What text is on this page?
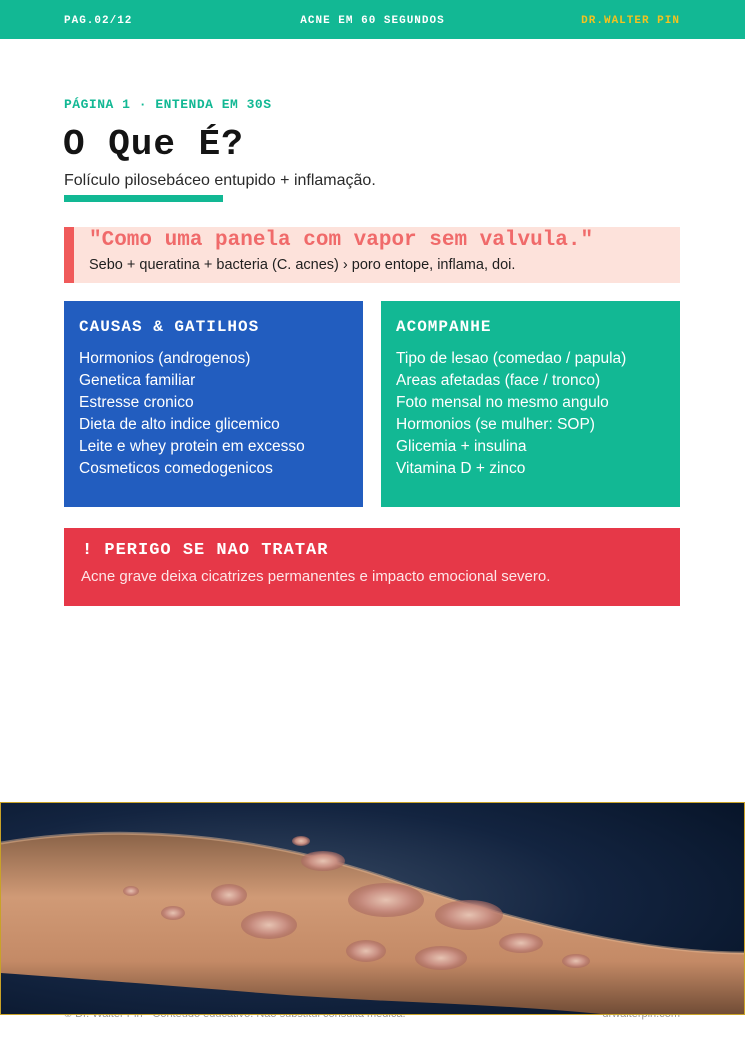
ACNE EM 60 SEGUNDOS
PAG.02/12	DR.WALTER PIN
PÁGINA 1 · ENTENDA EM 30S
O Que É?
Folículo pilosebáceo entupido + inflamação.
"Como uma panela com vapor sem valvula."
Sebo + queratina + bacteria (C. acnes) › poro entope, inflama, doi.
CAUSAS & GATILHOS
Hormonios (androgenos)
Genetica familiar
Estresse cronico
Dieta de alto indice glicemico
Leite e whey protein em excesso
Cosmeticos comedogenicos
ACOMPANHE
Tipo de lesao (comedao / papula)
Areas afetadas (face / tronco)
Foto mensal no mesmo angulo
Hormonios (se mulher: SOP)
Glicemia + insulina
Vitamina D + zinco
! PERIGO SE NAO TRATAR

Acne grave deixa cicatrizes permanentes e impacto emocional severo.
